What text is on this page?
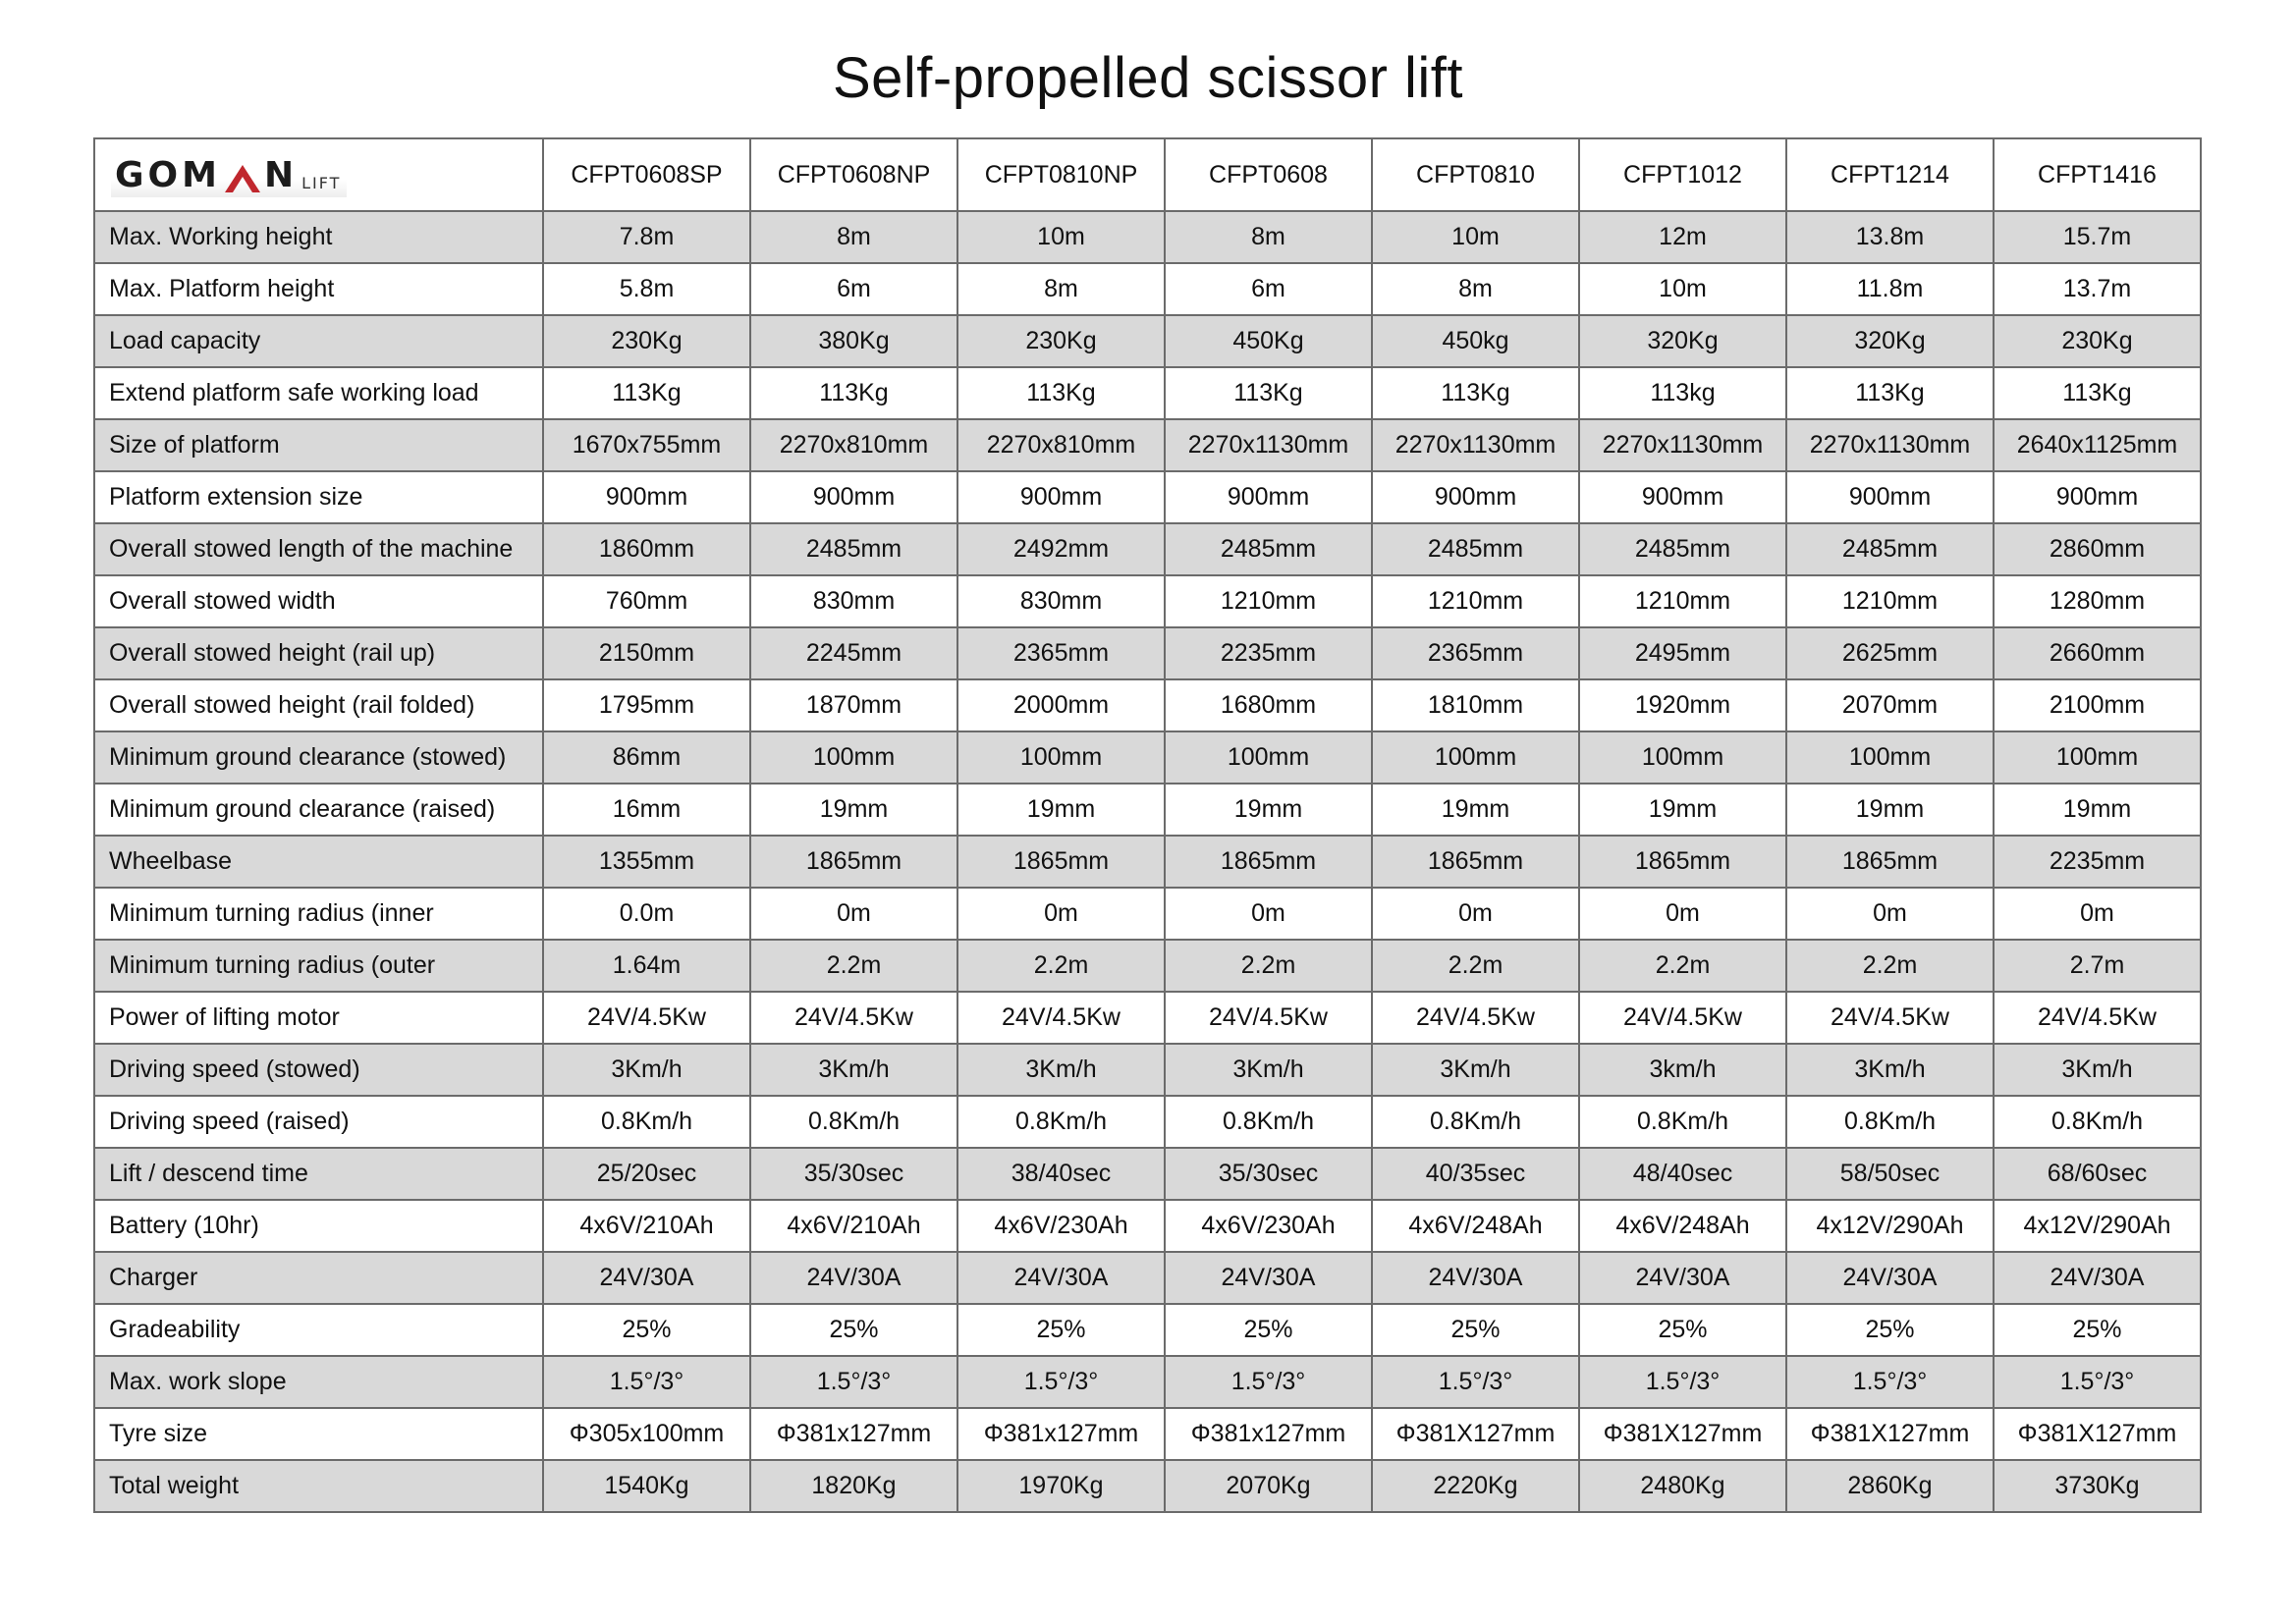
Self-propelled scissor lift
GOM N LIFT	CFPT0608SP	CFPT0608NP	CFPT0810NP	CFPT0608	CFPT0810	CFPT1012	CFPT1214	CFPT1416
Max. Working height	7.8m	8m	10m	8m	10m	12m	13.8m	15.7m
Max. Platform height	5.8m	6m	8m	6m	8m	10m	11.8m	13.7m
Load capacity	230Kg	380Kg	230Kg	450Kg	450kg	320Kg	320Kg	230Kg
Extend platform safe working load	113Kg	113Kg	113Kg	113Kg	113Kg	113kg	113Kg	113Kg
Size of platform	1670x755mm	2270x810mm	2270x810mm	2270x1130mm	2270x1130mm	2270x1130mm	2270x1130mm	2640x1125mm
Platform extension size	900mm	900mm	900mm	900mm	900mm	900mm	900mm	900mm
Overall stowed length of the machine	1860mm	2485mm	2492mm	2485mm	2485mm	2485mm	2485mm	2860mm
Overall stowed width	760mm	830mm	830mm	1210mm	1210mm	1210mm	1210mm	1280mm
Overall stowed height (rail up)	2150mm	2245mm	2365mm	2235mm	2365mm	2495mm	2625mm	2660mm
Overall stowed height (rail folded)	1795mm	1870mm	2000mm	1680mm	1810mm	1920mm	2070mm	2100mm
Minimum ground clearance (stowed)	86mm	100mm	100mm	100mm	100mm	100mm	100mm	100mm
Minimum ground clearance (raised)	16mm	19mm	19mm	19mm	19mm	19mm	19mm	19mm
Wheelbase	1355mm	1865mm	1865mm	1865mm	1865mm	1865mm	1865mm	2235mm
Minimum turning radius (inner	0.0m	0m	0m	0m	0m	0m	0m	0m
Minimum turning radius (outer	1.64m	2.2m	2.2m	2.2m	2.2m	2.2m	2.2m	2.7m
Power of lifting motor	24V/4.5Kw	24V/4.5Kw	24V/4.5Kw	24V/4.5Kw	24V/4.5Kw	24V/4.5Kw	24V/4.5Kw	24V/4.5Kw
Driving speed (stowed)	3Km/h	3Km/h	3Km/h	3Km/h	3Km/h	3km/h	3Km/h	3Km/h
Driving speed (raised)	0.8Km/h	0.8Km/h	0.8Km/h	0.8Km/h	0.8Km/h	0.8Km/h	0.8Km/h	0.8Km/h
Lift / descend time	25/20sec	35/30sec	38/40sec	35/30sec	40/35sec	48/40sec	58/50sec	68/60sec
Battery (10hr)	4x6V/210Ah	4x6V/210Ah	4x6V/230Ah	4x6V/230Ah	4x6V/248Ah	4x6V/248Ah	4x12V/290Ah	4x12V/290Ah
Charger	24V/30A	24V/30A	24V/30A	24V/30A	24V/30A	24V/30A	24V/30A	24V/30A
Gradeability	25%	25%	25%	25%	25%	25%	25%	25%
Max. work slope	1.5°/3°	1.5°/3°	1.5°/3°	1.5°/3°	1.5°/3°	1.5°/3°	1.5°/3°	1.5°/3°
Tyre size	Φ305x100mm	Φ381x127mm	Φ381x127mm	Φ381x127mm	Φ381X127mm	Φ381X127mm	Φ381X127mm	Φ381X127mm
Total weight	1540Kg	1820Kg	1970Kg	2070Kg	2220Kg	2480Kg	2860Kg	3730Kg
